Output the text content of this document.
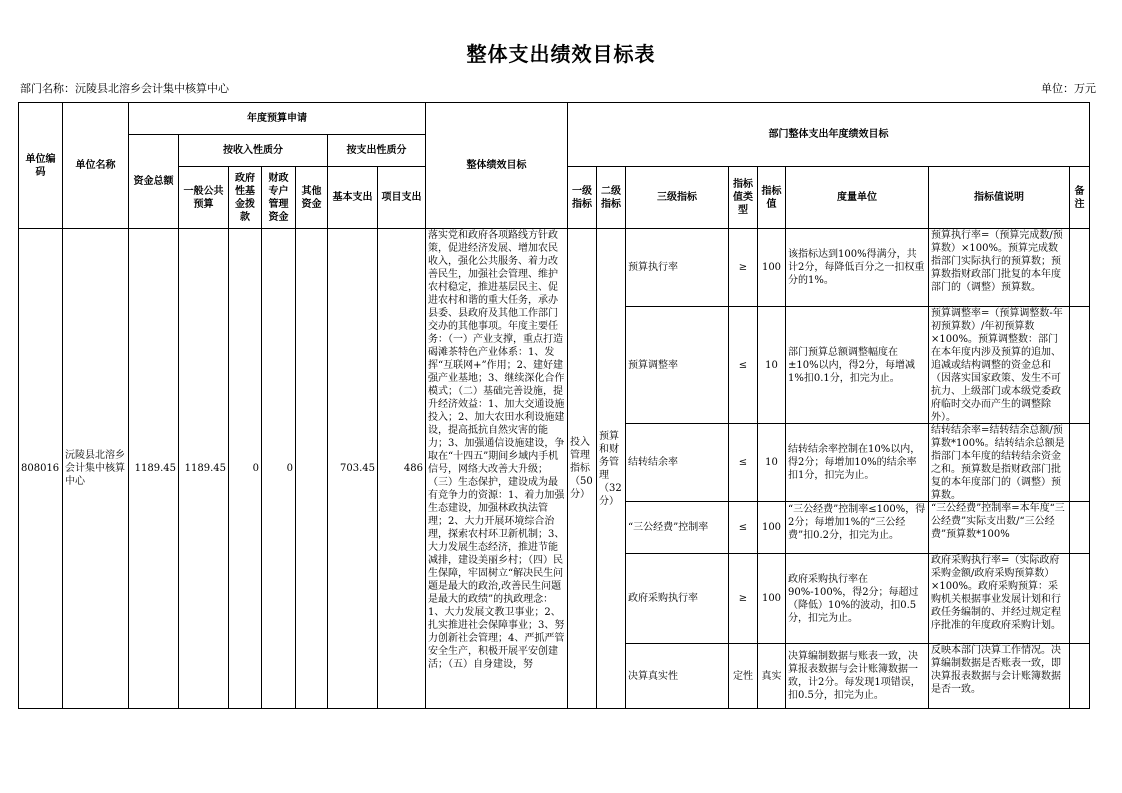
整体支出绩效目标表
部门名称：沅陵县北溶乡会计集中核算中心	单位：万元
单位编码	单位名称	年度预算申请							整体绩效目标	部门整体支出年度绩效目标							
		资金总额	按收入性质分				按支出性质分										
			一般公共预算	政府性基金拨款	财政专户管理资金	其他资金	基本支出	项目支出		一级指标	二级指标	三级指标	指标值类型	指标值	度量单位	指标值说明	备注

808016	沅陵县北溶乡会计集中核算中心	1189.45	1189.45	0	0		703.45	486	落实党和政府各项路线方针政策，促进经济发展、增加农民收入，强化公共服务、着力改善民生，加强社会管理、维护农村稳定，推进基层民主、促进农村和谐的重大任务，承办县委、县政府及其他工作部门交办的其他事项。年度主要任务：（一）产业支撑，重点打造碣滩茶特色产业体系：1、发挥“互联网+”作用；2、建好建强产业基地；3、继续深化合作模式；（二）基础完善设施，提升经济效益：1、加大交通设施投入；2、加大农田水利设施建设，提高抵抗自然灾害的能力；3、加强通信设施建设，争取在“十四五”期间乡域内手机信号，网络大改善大升级；（三）生态保护，建设成为最有竞争力的资源：1、着力加强生态建设，加强林政执法管理；2、大力开展环境综合治理，探索农村环卫新机制；3、大力发展生态经济，推进节能减排，建设美丽乡村；（四）民生保障，牢固树立“解决民生问题是最大的政治,改善民生问题是最大的政绩”的执政理念：1、大力发展文教卫事业；2、扎实推进社会保障事业；3、努力创新社会管理；4、严抓严管安全生产，积极开展平安创建活；（五）自身建设，努	投入管理指标（50分）	预算和财务管理（32分）	预算执行率	≥	100	该指标达到100%得满分，共计2分，每降低百分之一扣权重分的1%。	预算执行率=（预算完成数/预算数）×100%。预算完成数指部门实际执行的预算数；预算数指财政部门批复的本年度部门的（调整）预算数。	

												预算调整率	≤	10	部门预算总额调整幅度在±10%以内，得2分，每增减1%扣0.1分，扣完为止。	预算调整率=（预算调整数-年初预算数）/年初预算数×100%。预算调整数：部门在本年度内涉及预算的追加、追减或结构调整的资金总和（因落实国家政策、发生不可抗力、上级部门或本级党委政府临时交办而产生的调整除外）。	

												结转结余率	≤	10	结转结余率控制在10%以内，得2分；每增加10%的结余率扣1分，扣完为止。	结转结余率=结转结余总额/预算数*100%。结转结余总额是指部门本年度的结转结余资金之和。预算数是指财政部门批复的本年度部门的（调整）预算数。	

												“三公经费”控制率	≤	100	“三公经费”控制率≤100%，得2分；每增加1%的“三公经费”扣0.2分，扣完为止。	“三公经费”控制率=本年度“三公经费”实际支出数/“三公经费”预算数*100%	

												政府采购执行率	≥	100	政府采购执行率在90%-100%，得2分；每超过（降低）10%的波动，扣0.5分，扣完为止。	政府采购执行率=（实际政府采购金额/政府采购预算数）×100%。政府采购预算：采购机关根据事业发展计划和行政任务编制的、并经过规定程序批准的年度政府采购计划。	

												决算真实性	定性	真实	决算编制数据与账表一致，决算报表数据与会计账簿数据一致，计2分。每发现1项错误，扣0.5分，扣完为止。	反映本部门决算工作情况。决算编制数据是否账表一致，即决算报表数据与会计账簿数据是否一致。	
